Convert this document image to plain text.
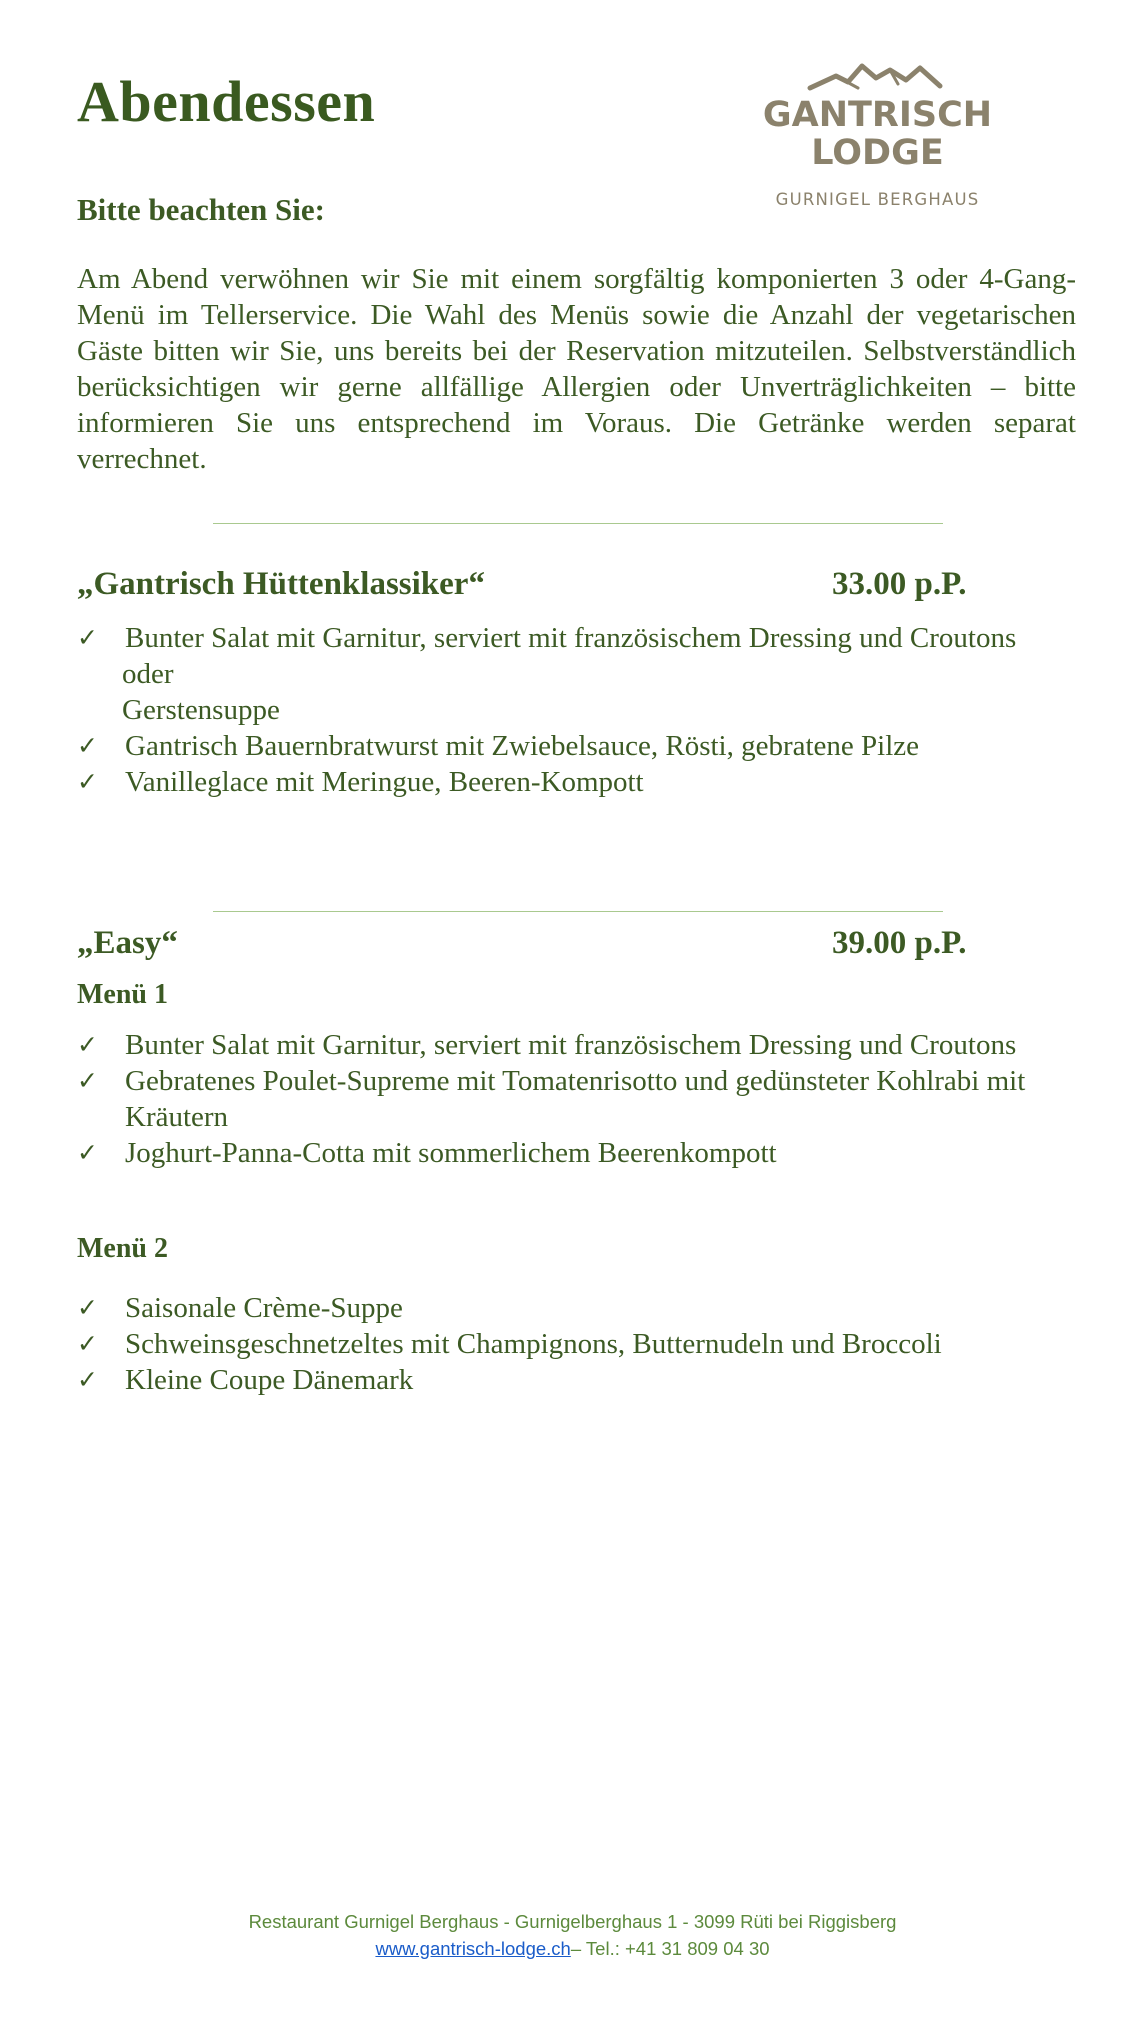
Abendessen	GANTRISCH
LODGE
GURNIGEL BERGHAUS
Bitte beachten Sie:
Am Abend verwöhnen wir Sie mit einem sorgfältig komponierten 3 oder 4-Gang-Menü im Tellerservice. Die Wahl des Menüs sowie die Anzahl der vegetarischen Gäste bitten wir Sie, uns bereits bei der Reservation mitzuteilen. Selbstverständlich berücksichtigen wir gerne allfällige Allergien oder Unverträglichkeiten – bitte informieren Sie uns entsprechend im Voraus. Die Getränke werden separat verrechnet.
„Gantrisch Hüttenklassiker“	33.00 p.P.
✓ Bunter Salat mit Garnitur, serviert mit französischem Dressing und Croutons
oder
Gerstensuppe
✓ Gantrisch Bauernbratwurst mit Zwiebelsauce, Rösti, gebratene Pilze
✓ Vanilleglace mit Meringue, Beeren-Kompott
„Easy“	39.00 p.P.
Menü 1
✓ Bunter Salat mit Garnitur, serviert mit französischem Dressing und Croutons
✓ Gebratenes Poulet-Supreme mit Tomatenrisotto und gedünsteter Kohlrabi mit Kräutern
✓ Joghurt-Panna-Cotta mit sommerlichem Beerenkompott
Menü 2
✓ Saisonale Crème-Suppe
✓ Schweinsgeschnetzeltes mit Champignons, Butternudeln und Broccoli
✓ Kleine Coupe Dänemark
Restaurant Gurnigel Berghaus - Gurnigelberghaus 1 - 3099 Rüti bei Riggisberg
www.gantrisch-lodge.ch– Tel.: +41 31 809 04 30
